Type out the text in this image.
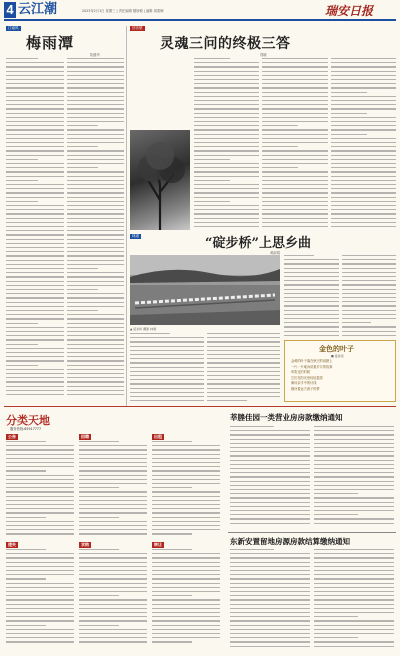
4 云江潮	2023年2月1日 星期三 | 责任编辑 楼妙敏 | 编辑 周燕梅	瑞安日报
江南风
梅雨潭
阮健华
回音壁
灵魂三问的终极三答
郑晓
林道	“碇步桥”上思乡曲
黄淑娟
▲ 碇步桥 摄影 林道
金色的叶子
■ 夏春雷
金黄的叶子落在秋天的肩膀上
一片一片地诉说着岁月的故事
风吹过的时候
它们在阳光里轻轻摇晃
像母亲手中的针线
缝补着远方游子的梦
分类天地
服务热线:65917777
公告
遗失
招聘
求购
出租
转让
莘塍佳园一类营业房房款缴纳通知
东新安置留地房源房款结算缴纳通知
